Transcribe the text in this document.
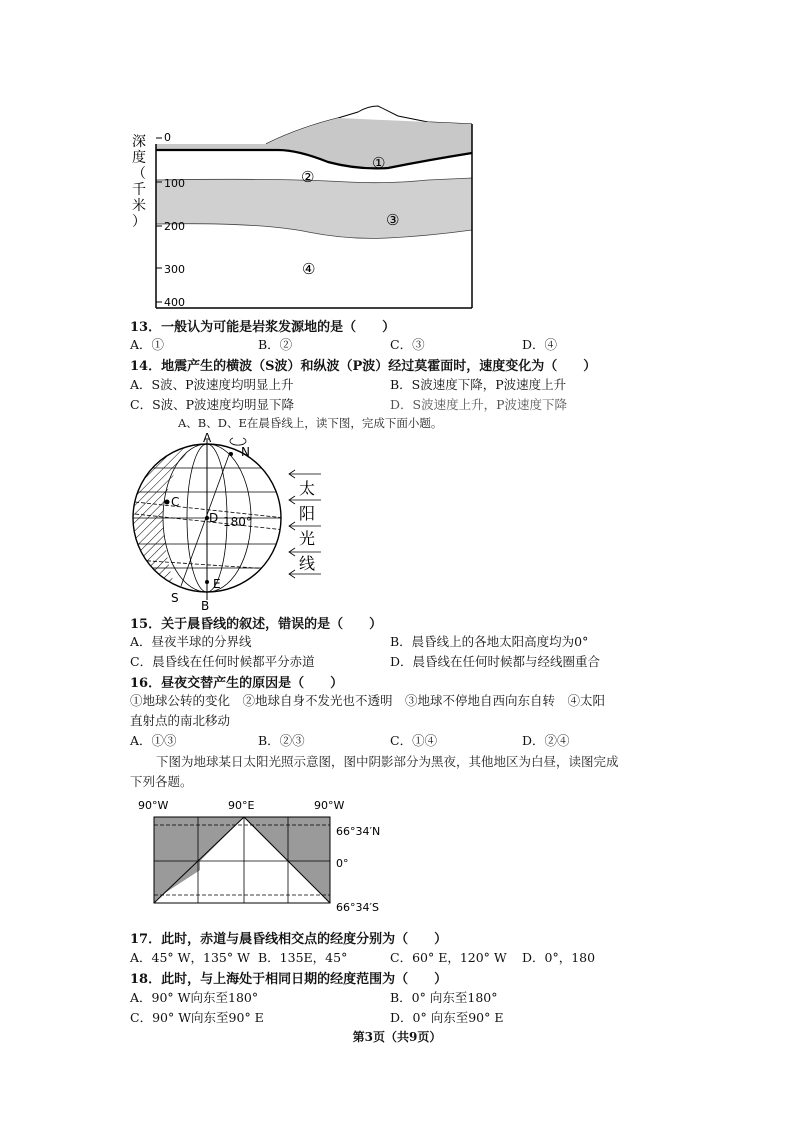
0
100
200
300
400
深
度
（
千
米
）
①
②
③
④
13．一般认为可能是岩浆发源地的是（　　）
A．①	B．②	C．③	D．④
14．地震产生的横波（S波）和纵波（P波）经过莫霍面时，速度变化为（　　）
A．S波、P波速度均明显上升	B．S波速度下降，P波速度上升
C．S波、P波速度均明显下降	D．S波速度上升，P波速度下降
A、B、D、E在晨昏线上，读下图，完成下面小题。
A
N
C
D 180°
S
E
B
太
阳
光
线
15．关于晨昏线的叙述，错误的是（　　）
A．昼夜半球的分界线	B．晨昏线上的各地太阳高度均为0°
C．晨昏线在任何时候都平分赤道	D．晨昏线在任何时候都与经线圈重合
16．昼夜交替产生的原因是（　　）
①地球公转的变化　②地球自身不发光也不透明　③地球不停地自西向东自转　④太阳
直射点的南北移动
A．①③	B．②③	C．①④	D．②④
下图为地球某日太阳光照示意图，图中阴影部分为黑夜，其他地区为白昼，读图完成下列各题。
90°W	90°E	90°W
66°34′N
0°
66°34′S
17．此时，赤道与晨昏线相交点的经度分别为（　　）
A．45° W，135° W B．135E，45°	C．60° E，120° W D．0°，180
18．此时，与上海处于相同日期的经度范围为（　　）
A．90° W向东至180°	B．0° 向东至180°
C．90° W向东至90° E	D．0° 向东至90° E
第3页（共9页）
